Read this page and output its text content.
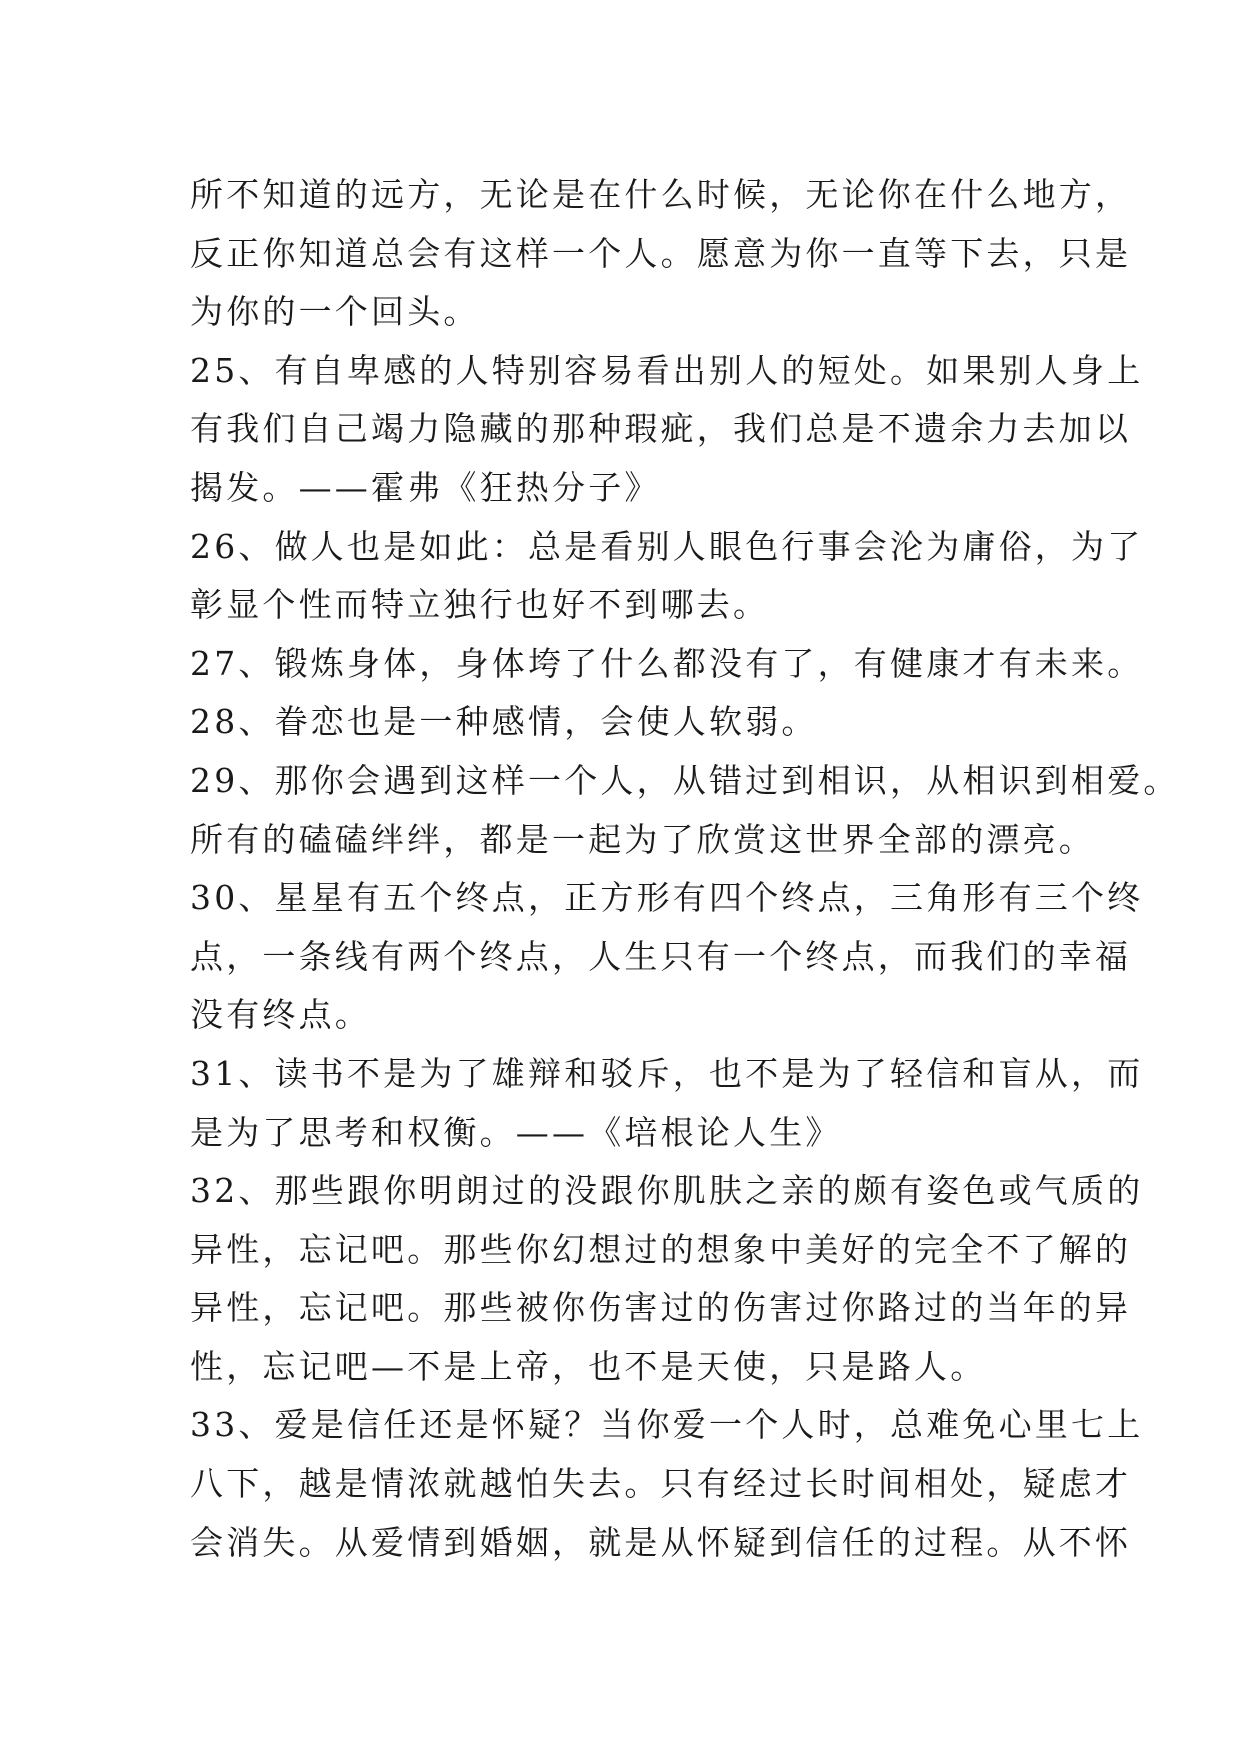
所不知道的远方，无论是在什么时候，无论你在什么地方，
反正你知道总会有这样一个人。愿意为你一直等下去，只是
为你的一个回头。
25、有自卑感的人特别容易看出别人的短处。如果别人身上
有我们自己竭力隐藏的那种瑕疵，我们总是不遗余力去加以
揭发。——霍弗《狂热分子》
26、做人也是如此：总是看别人眼色行事会沦为庸俗，为了
彰显个性而特立独行也好不到哪去。
27、锻炼身体，身体垮了什么都没有了，有健康才有未来。
28、眷恋也是一种感情，会使人软弱。
29、那你会遇到这样一个人，从错过到相识，从相识到相爱。
所有的磕磕绊绊，都是一起为了欣赏这世界全部的漂亮。
30、星星有五个终点，正方形有四个终点，三角形有三个终
点，一条线有两个终点，人生只有一个终点，而我们的幸福
没有终点。
31、读书不是为了雄辩和驳斥，也不是为了轻信和盲从，而
是为了思考和权衡。——《培根论人生》
32、那些跟你明朗过的没跟你肌肤之亲的颇有姿色或气质的
异性，忘记吧。那些你幻想过的想象中美好的完全不了解的
异性，忘记吧。那些被你伤害过的伤害过你路过的当年的异
性，忘记吧—不是上帝，也不是天使，只是路人。
33、爱是信任还是怀疑？当你爱一个人时，总难免心里七上
八下，越是情浓就越怕失去。只有经过长时间相处，疑虑才
会消失。从爱情到婚姻，就是从怀疑到信任的过程。从不怀
